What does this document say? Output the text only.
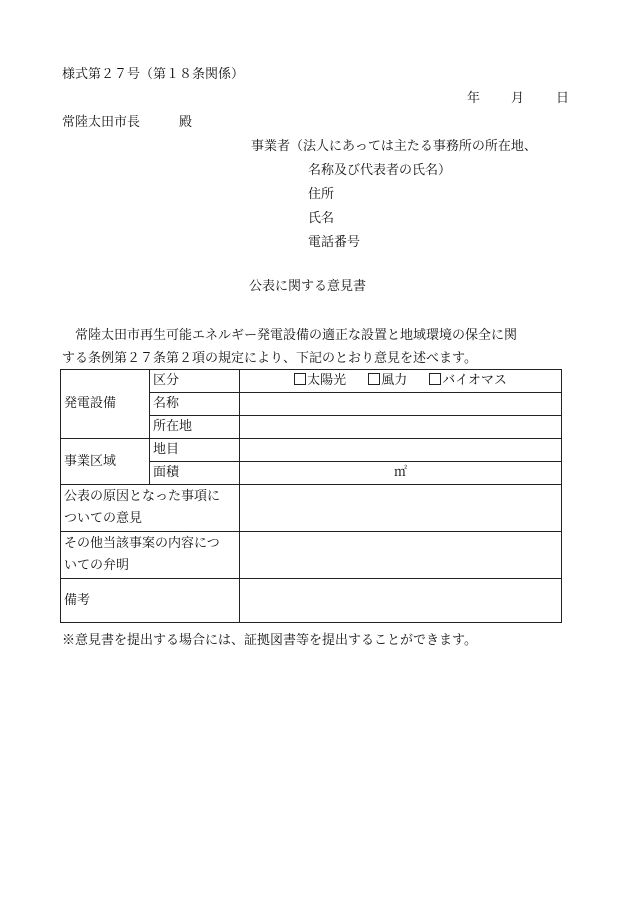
様式第２７号（第１８条関係）
年 月 日
常陸太田市長	殿
事業者（法人にあっては主たる事務所の所在地、
名称及び代表者の氏名）
住所
氏名
電話番号
公表に関する意見書
常陸太田市再生可能エネルギー発電設備の適正な設置と地域環境の保全に関
する条例第２７条第２項の規定により、下記のとおり意見を述べます。
発電設備	区分	太陽光 風力 バイオマス
	名称	
	所在地	
事業区域	地目	
	面積	㎡

公表の原因となった事項に
ついての意見		

その他当該事案の内容につ
いての弁明		

備考		
※意見書を提出する場合には、証拠図書等を提出することができます。
